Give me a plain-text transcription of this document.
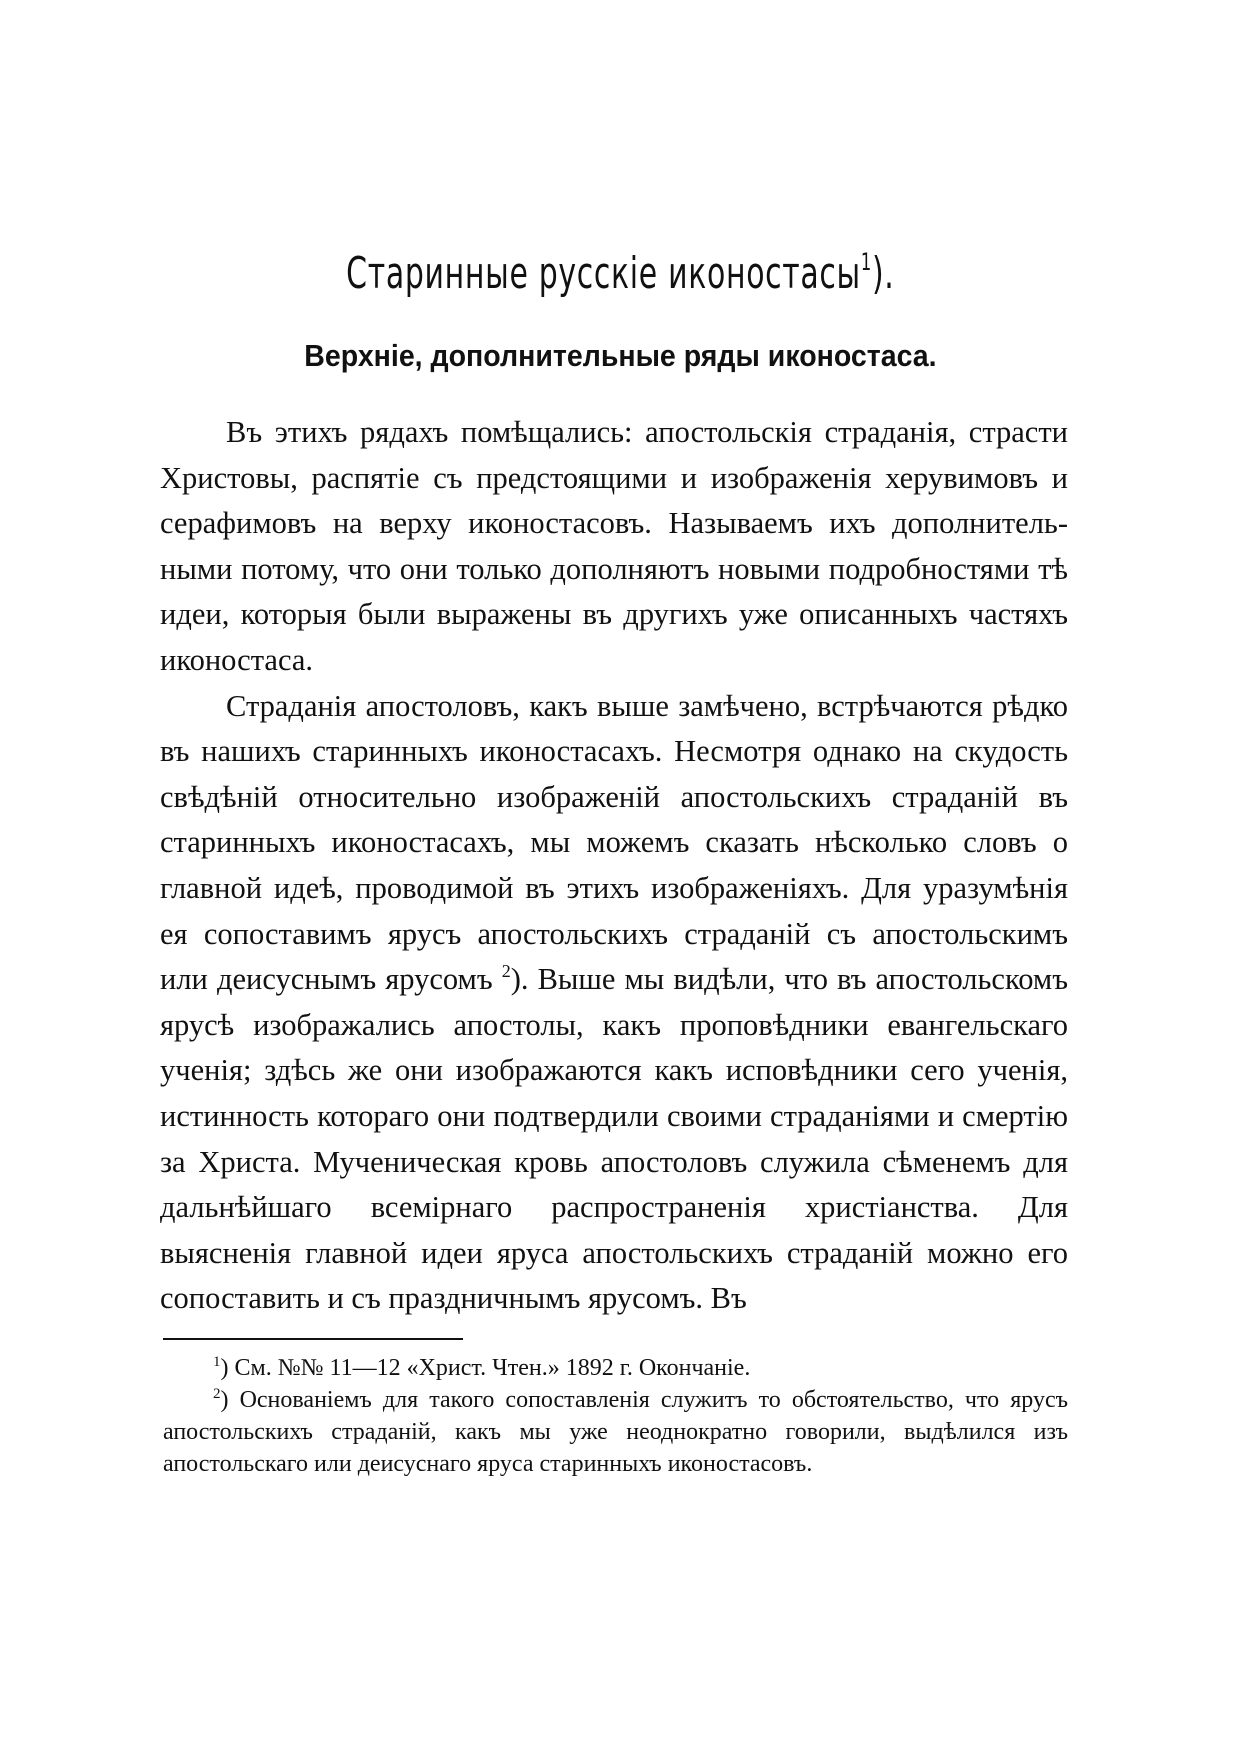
Старинные русскіе иконостасы$^1$).
Верхніе, дополнительные ряды иконостаса.

Въ этихъ рядахъ помѣщались: апостольскія страданія, страсти Христовы, распятіе съ предстоящими и изображенія херувимовъ и серафимовъ на верху иконостасовъ. Называемъ ихъ дополнительными потому, что они только дополняютъ новыми подробностями тѣ идеи, которыя были выражены въ другихъ уже описанныхъ частяхъ иконостаса.

Страданія апостоловъ, какъ выше замѣчено, встрѣчаются рѣдко въ нашихъ старинныхъ иконостасахъ. Несмотря однако на скудость свѣдѣній относительно изображеній апостольскихъ страданій въ старинныхъ иконостасахъ, мы можемъ сказать нѣсколько словъ о главной идеѣ, проводимой въ этихъ изображеніяхъ. Для уразумѣнія ея сопоставимъ ярусъ апостольскихъ страданій съ апостольскимъ или деисуснымъ ярусомъ $^2$). Выше мы видѣли, что въ апостольскомъ ярусѣ изображались апостолы, какъ проповѣдники евангельскаго ученія; здѣсь же они изображаются какъ исповѣдники сего ученія, истинность котораго они подтвердили своими страданіями и смертію за Христа. Мученическая кровь апостоловъ служила сѣменемъ для дальнѣйшаго всемірнаго распространенія христіанства. Для выясненія главной идеи яруса апостольскихъ страданій можно его сопоставить и съ праздничнымъ ярусомъ. Въ

$^1$) См. №№ 11—12 «Христ. Чтен.» 1892 г. Окончаніе.

$^2$) Основаніемъ для такого сопоставленія служитъ то обстоятельство, что ярусъ апостольскихъ страданій, какъ мы уже неоднократно говорили, выдѣлился изъ апостольскаго или деисуснаго яруса старинныхъ иконостасовъ.
